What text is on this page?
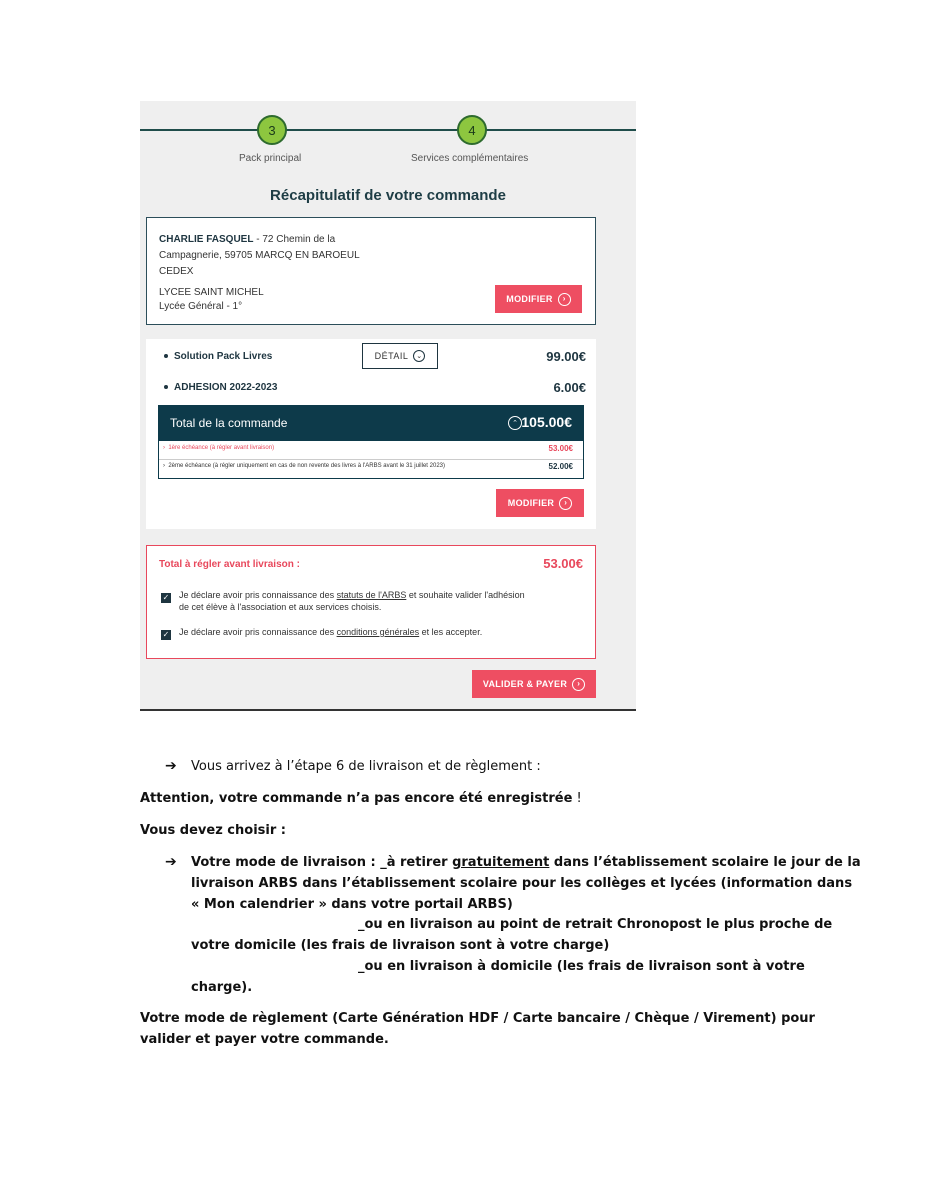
3
Pack principal
4
Services complémentaires
Récapitulatif de votre commande
CHARLIE FASQUEL - 72 Chemin de la
Campagnerie, 59705 MARCQ EN BAROEUL
CEDEX
LYCEE SAINT MICHEL
Lycée Général - 1°
MODIFIER	›
Solution Pack Livres	DÉTAIL	⌄	99.00€
ADHESION 2022-2023	6.00€
Total de la commande	⌃ 105.00€
›  1ère échéance (à régler avant livraison)	53.00€
›  2ème échéance (à régler uniquement en cas de non revente des livres à l'ARBS avant le 31 juillet 2023)	52.00€
MODIFIER	›
Total à régler avant livraison :	53.00€
✓ Je déclare avoir pris connaissance des statuts de l'ARBS et souhaite valider l'adhésion
de cet élève à l'association et aux services choisis.
✓ Je déclare avoir pris connaissance des conditions générales et les accepter.
VALIDER & PAYER	›
➔ Vous arrivez à l’étape 6 de livraison et de règlement :
Attention, votre commande n’a pas encore été enregistrée !
Vous devez choisir :
➔ Votre mode de livraison : _à retirer gratuitement dans l’établissement scolaire le jour de la
livraison ARBS dans l’établissement scolaire pour les collèges et lycées (information dans
« Mon calendrier » dans votre portail ARBS)
_ou en livraison au point de retrait Chronopost le plus proche de
votre domicile (les frais de livraison sont à votre charge)
_ou en livraison à domicile (les frais de livraison sont à votre
charge).
Votre mode de règlement (Carte Génération HDF / Carte bancaire / Chèque / Virement) pour
valider et payer votre commande.
